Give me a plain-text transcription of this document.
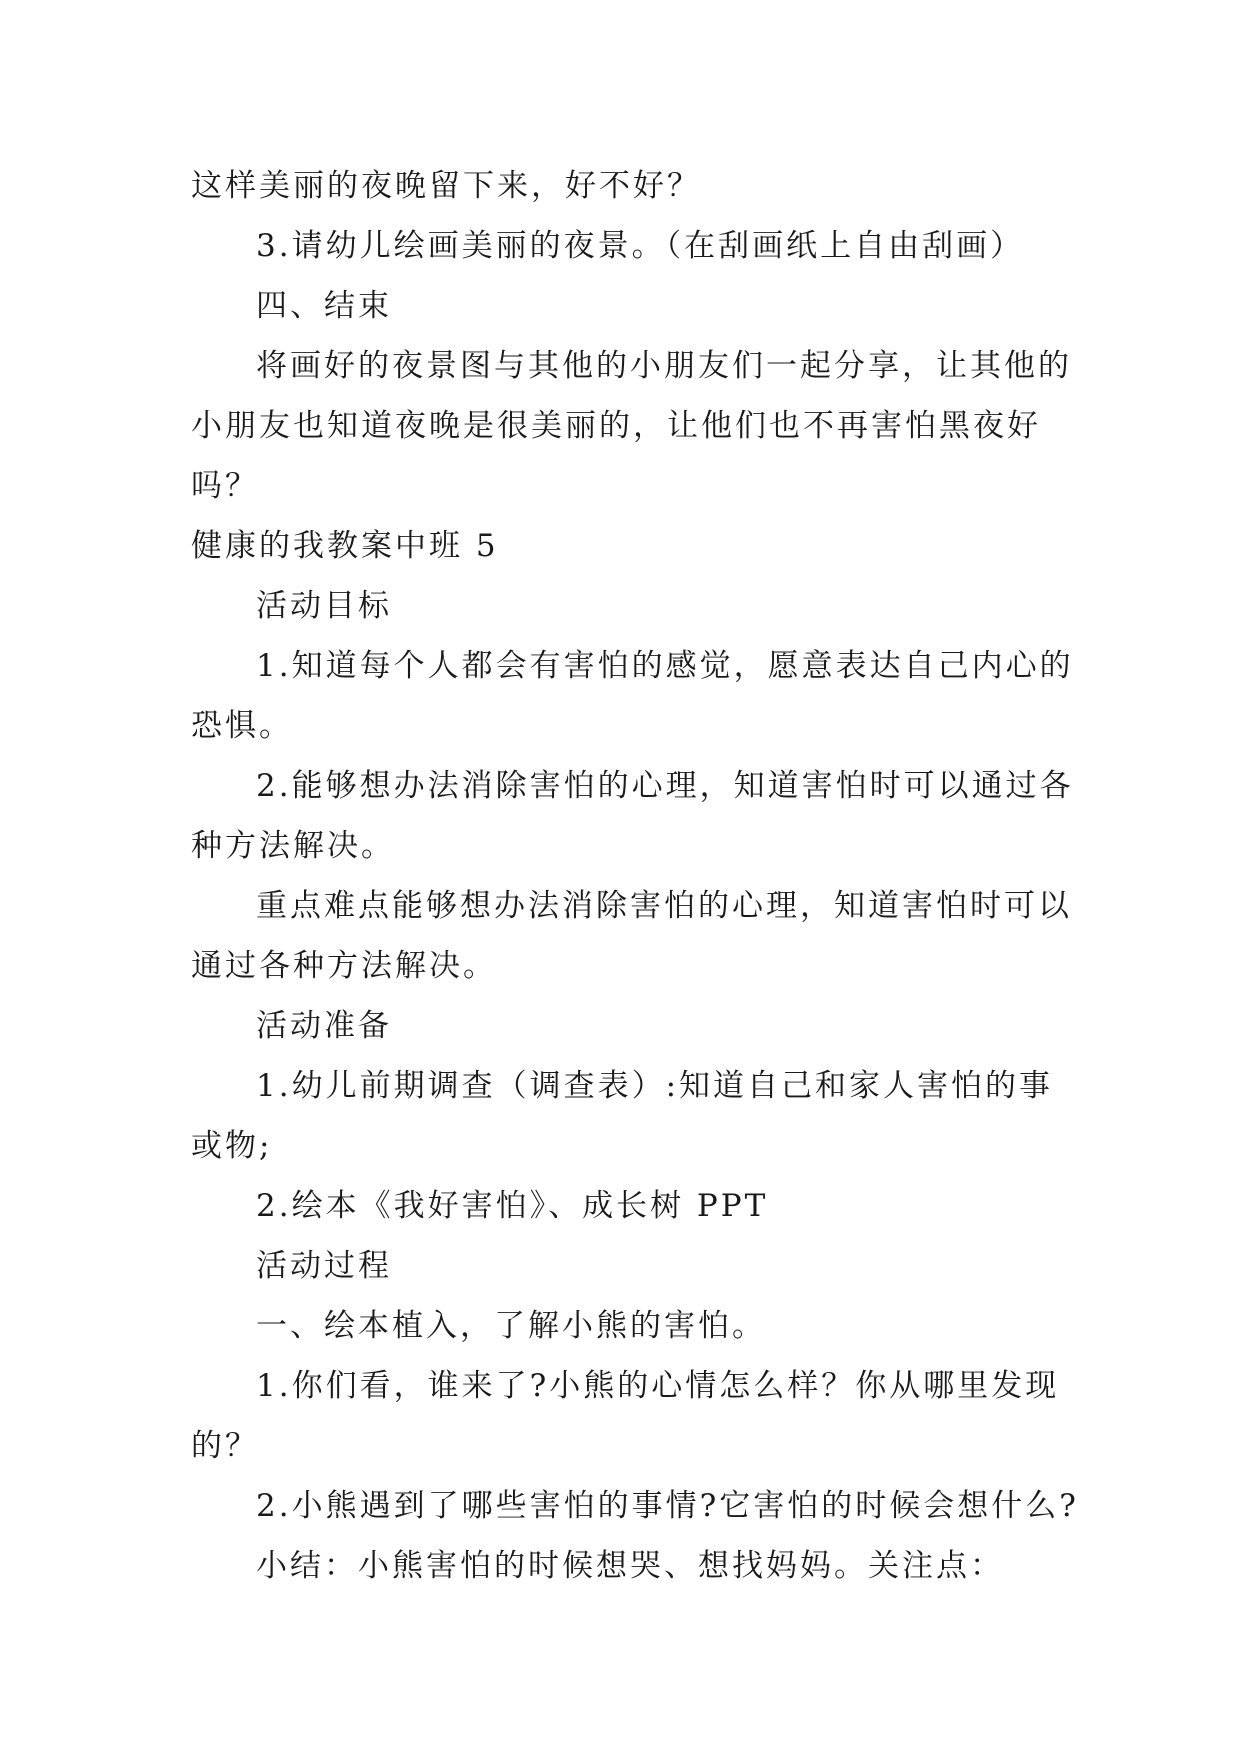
这样美丽的夜晚留下来，好不好？
3.请幼儿绘画美丽的夜景。（在刮画纸上自由刮画）
四、结束
将画好的夜景图与其他的小朋友们一起分享，让其他的
小朋友也知道夜晚是很美丽的，让他们也不再害怕黑夜好
吗？
健康的我教案中班 5
活动目标
1.知道每个人都会有害怕的感觉，愿意表达自己内心的
恐惧。
2.能够想办法消除害怕的心理，知道害怕时可以通过各
种方法解决。
重点难点能够想办法消除害怕的心理，知道害怕时可以
通过各种方法解决。
活动准备
1.幼儿前期调查（调查表）:知道自己和家人害怕的事
或物;
2.绘本《我好害怕》、成长树 PPT
活动过程
一、绘本植入，了解小熊的害怕。
1.你们看，谁来了?小熊的心情怎么样？你从哪里发现
的？
2.小熊遇到了哪些害怕的事情?它害怕的时候会想什么?
小结：小熊害怕的时候想哭、想找妈妈。关注点：
